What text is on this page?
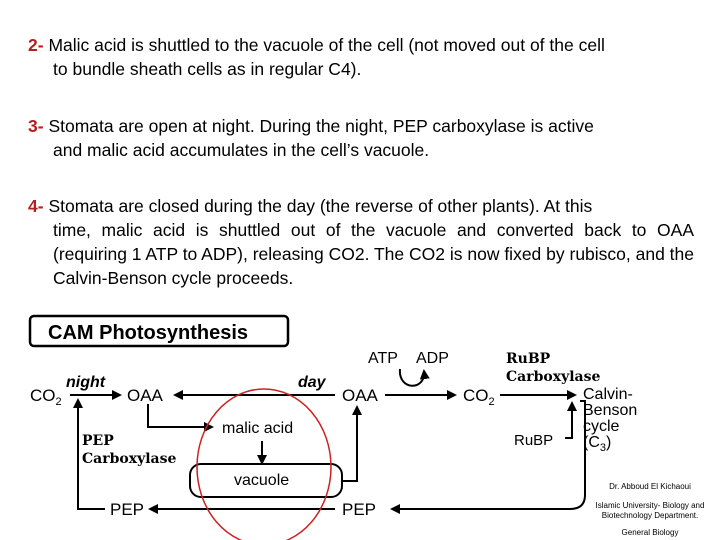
2- Malic acid is shuttled to the vacuole of the cell (not moved out of the cell
to bundle sheath cells as in regular C4).
3- Stomata are open at night. During the night, PEP carboxylase is active
and malic acid accumulates in the cell’s vacuole.
4- Stomata are closed during the day (the reverse of other plants). At this
time, malic acid is shuttled out of the vacuole and converted back to OAA (requiring 1 ATP to ADP), releasing CO2. The CO2 is now fixed by rubisco, and the Calvin-Benson cycle proceeds.
CAM Photosynthesis
$CO_2$
night
OAA
day
OAA
ATP ADP
$CO_2$
RuBP
Carboxylase
Calvin-
Benson
cycle
$(C_3)$
RuBP
PEP
Carboxylase
PEP
malic acid
vacuole
PEP
Dr. Abboud El Kichaoui
Islamic University- Biology and
Biotechnology Department.
General Biology
